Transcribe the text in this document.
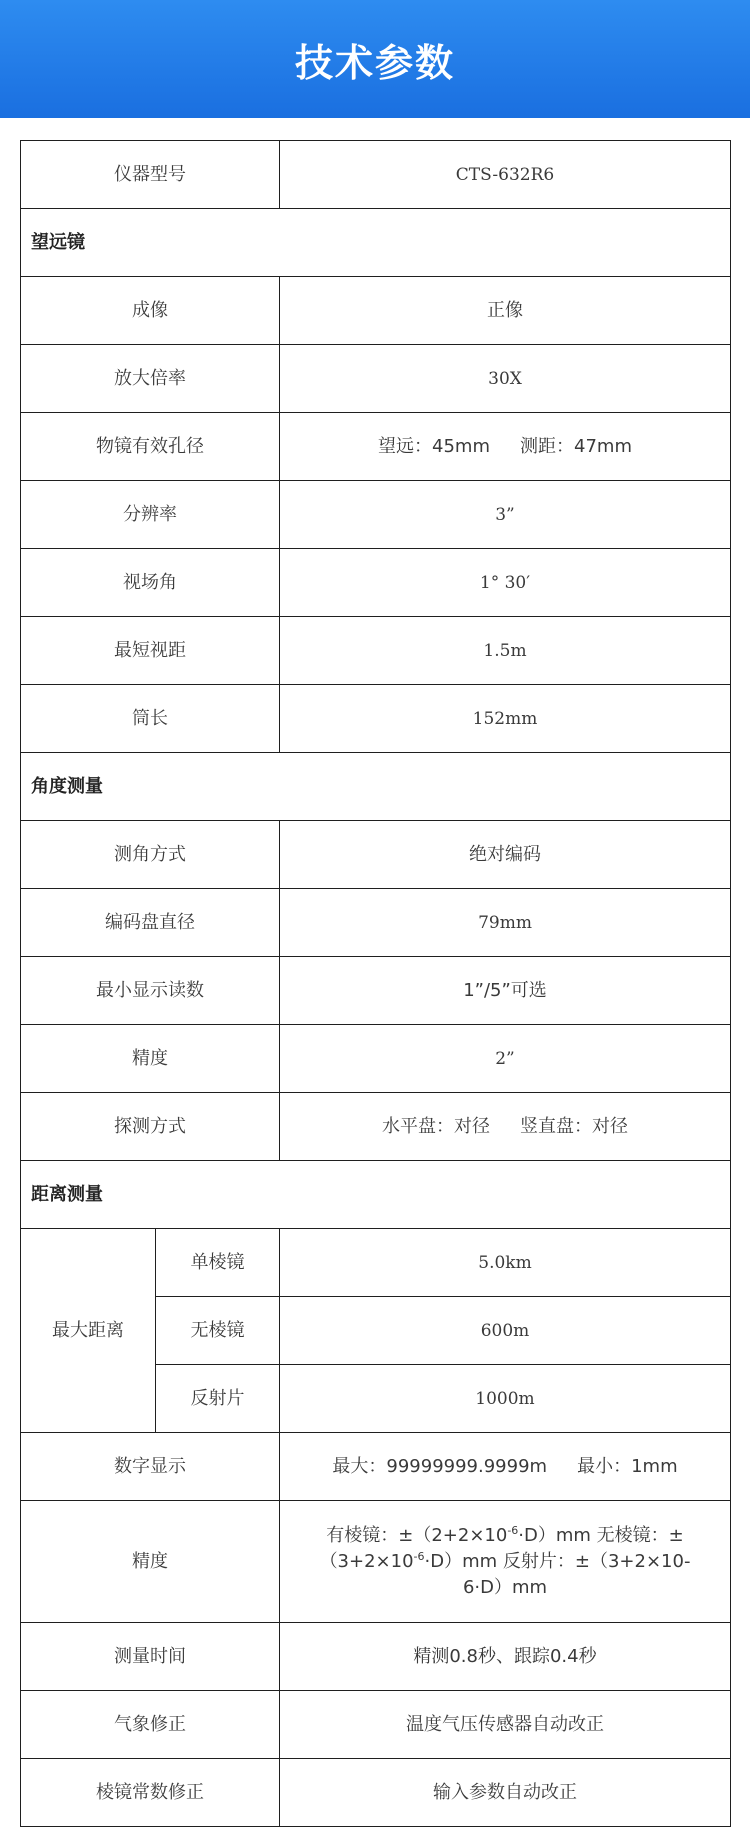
技术参数
仪器型号		CTS-632R6
望远镜		
成像		正像
放大倍率		30X
物镜有效孔径		望远：45mm 测距：47mm
分辨率		3”
视场角		1° 30′
最短视距		1.5m
筒长		152mm
角度测量		
测角方式		绝对编码
编码盘直径		79mm
最小显示读数		1”/5”可选
精度		2”
探测方式		水平盘：对径 竖直盘：对径
距离测量		
最大距离	单棱镜	5.0km
	无棱镜	600m
	反射片	1000m
数字显示		最大：99999999.9999m 最小：1mm
精度		有棱镜：$\pm(2+2\times 10^{-6}\cdot D)mm$ 无棱镜：±
$(3+2\times 10^{-6}\cdot D)mm$ 反射片：±（3+2×10-
6·D）mm

测量时间		精测0.8秒、跟踪0.4秒
气象修正		温度气压传感器自动改正
棱镜常数修正		输入参数自动改正
